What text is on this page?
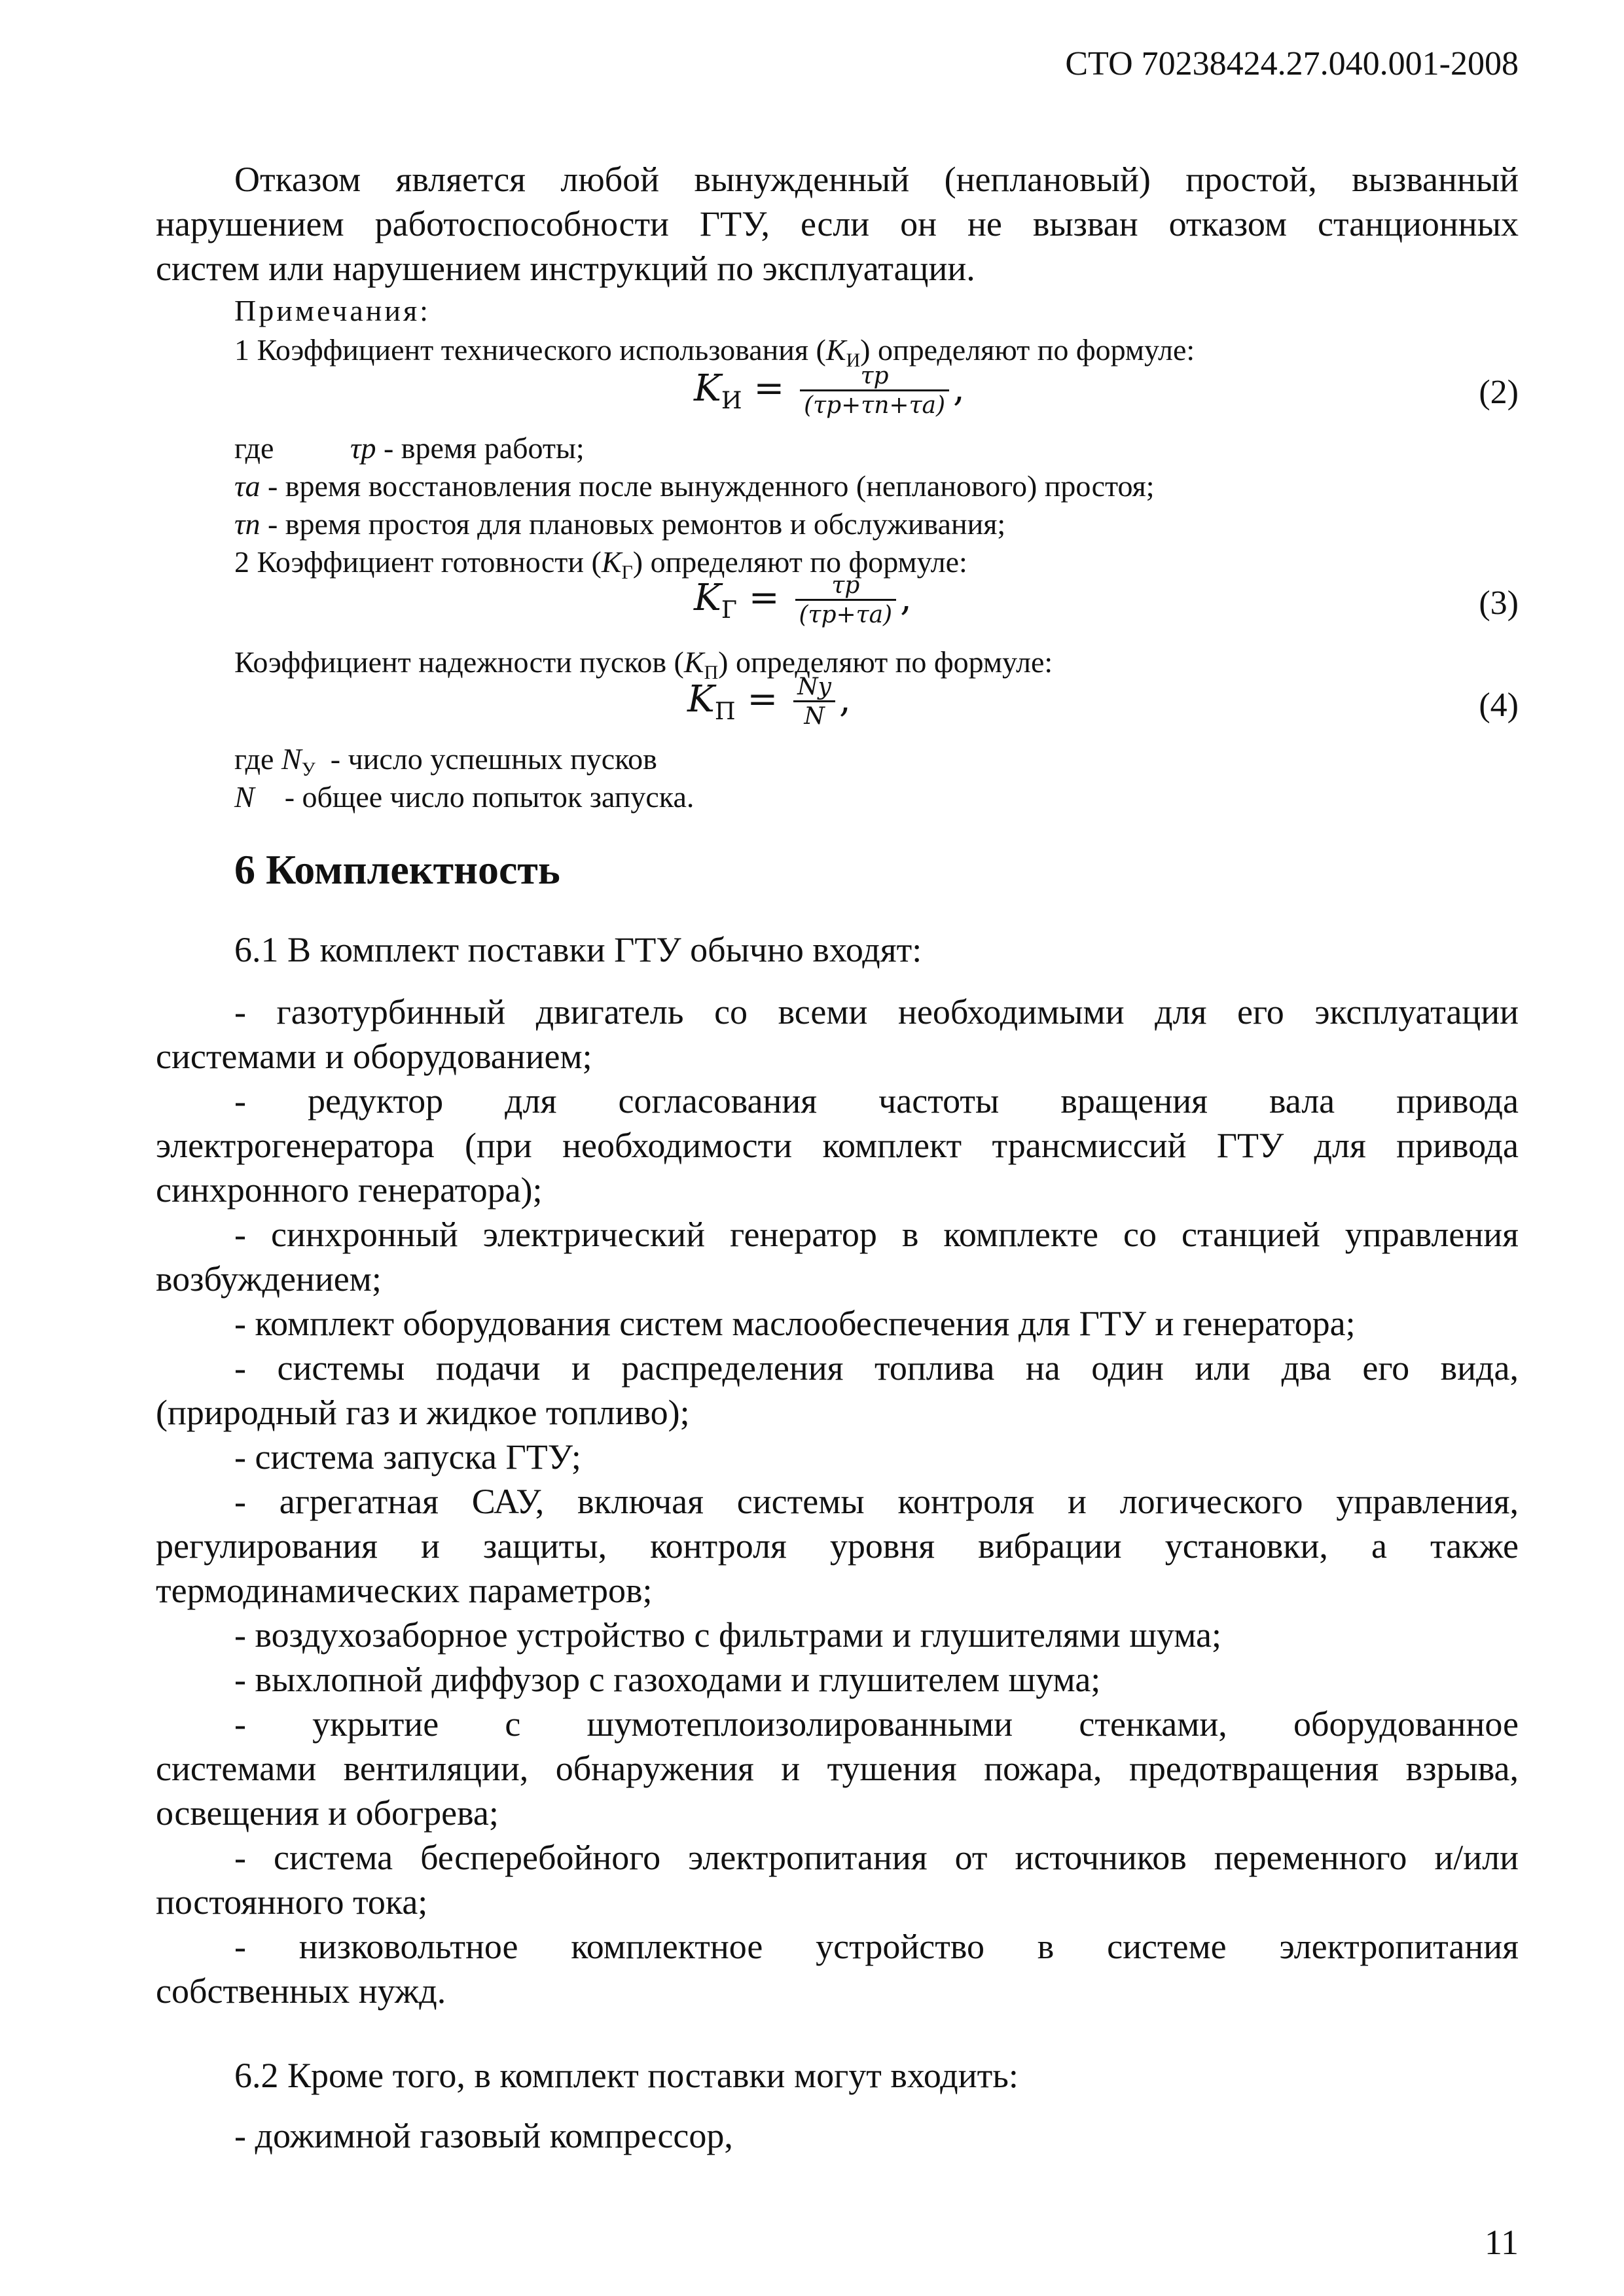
СТО 70238424.27.040.001-2008
Отказом является любой вынужденный (неплановый) простой, вызванный
нарушением работоспособности ГТУ, если он не вызван отказом станционных
систем или нарушением инструкций по эксплуатации.
Примечания:
1 Коэффициент технического использования $(K_И)$ определяют по формуле:
$K_И = \frac{\tau p}{(\tau p+\tau n+\tau a)}$ ,	(2)
где	τp - время работы;
τa - время восстановления после вынужденного (непланового) простоя;
τn - время простоя для плановых ремонтов и обслуживания;
2 Коэффициент готовности $(K_Г)$ определяют по формуле:
$K_Г = \frac{\tau p}{(\tau p+\tau a)}$ ,	(3)
Коэффициент надежности пусков $(K_П)$ определяют по формуле:
$K_П = \frac{Ny}{N}$ ,	(4)
где $N_У$ - число успешных пусков
N - общее число попыток запуска.
6 Комплектность
6.1 В комплект поставки ГТУ обычно входят:
- газотурбинный двигатель со всеми необходимыми для его эксплуатации
системами и оборудованием;
- редуктор для согласования частоты вращения вала привода
электрогенератора (при необходимости комплект трансмиссий ГТУ для привода
синхронного генератора);
- синхронный электрический генератор в комплекте со станцией управления
возбуждением;
- комплект оборудования систем маслообеспечения для ГТУ и генератора;
- системы подачи и распределения топлива на один или два его вида,
(природный газ и жидкое топливо);
- система запуска ГТУ;
- агрегатная САУ, включая системы контроля и логического управления,
регулирования и защиты, контроля уровня вибрации установки, а также
термодинамических параметров;
- воздухозаборное устройство с фильтрами и глушителями шума;
- выхлопной диффузор с газоходами и глушителем шума;
- укрытие с шумотеплоизолированными стенками, оборудованное
системами вентиляции, обнаружения и тушения пожара, предотвращения взрыва,
освещения и обогрева;
- система бесперебойного электропитания от источников переменного и/или
постоянного тока;
- низковольтное комплектное устройство в системе электропитания
собственных нужд.
6.2 Кроме того, в комплект поставки могут входить:
- дожимной газовый компрессор,
11
